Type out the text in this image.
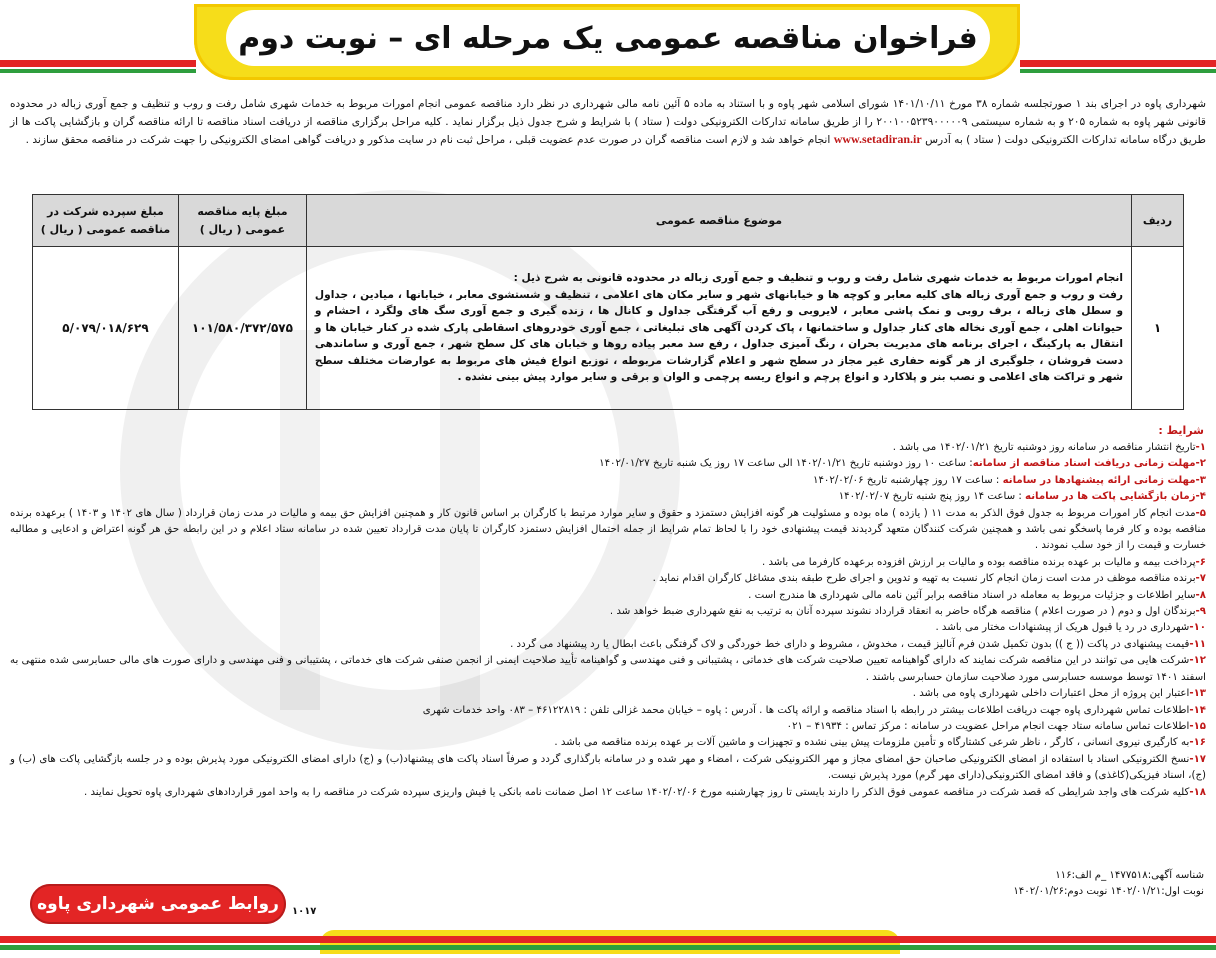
فراخوان مناقصه عمومی یک مرحله ای – نوبت دوم

شهرداری پاوه در اجرای بند ۱ صورتجلسه شماره ۳۸ مورخ ۱۴۰۱/۱۰/۱۱ شورای اسلامی شهر پاوه و با استناد به ماده ۵ آئین نامه مالی شهرداری در نظر دارد مناقصه عمومی انجام امورات مربوط به خدمات شهری شامل رفت و روب و تنظیف و جمع آوری زباله در محدوده قانونی شهر پاوه به شماره ۲۰۵ و به شماره سیستمی ۲۰۰۱۰۰۵۲۳۹۰۰۰۰۰۹ را از طریق سامانه تدارکات الکترونیکی دولت ( ستاد ) با شرایط و شرح جدول ذیل برگزار نماید . کلیه مراحل برگزاری مناقصه از دریافت اسناد مناقصه تا ارائه مناقصه گران و بازگشایی پاکت ها از طریق درگاه سامانه تدارکات الکترونیکی دولت ( ستاد ) به آدرس www.setadiran.ir انجام خواهد شد و لازم است مناقصه گران در صورت عدم عضویت قبلی ، مراحل ثبت نام در سایت مذکور و دریافت گواهی امضای الکترونیکی را جهت شرکت در مناقصه محقق سازند .

ردیف	موضوع مناقصه عمومی	مبلغ پایه مناقصه عمومی ( ریال )	مبلغ سپرده شرکت در مناقصه عمومی ( ریال )
۱	انجام امورات مربوط به خدمات شهری شامل رفت و روب و تنظیف و جمع آوری زباله در محدوده قانونی به شرح ذیل :
رفت و روب و جمع آوری زباله های کلیه معابر و کوچه ها و خیابانهای شهر و سایر مکان های اعلامی ، تنظیف و شستشوی معابر ، خیابانها ، میادین ، جداول و سطل های زباله ، برف روبی و نمک پاشی معابر ، لایروبی و رفع آب گرفتگی جداول و کانال ها ، زنده گیری و جمع آوری سگ های ولگرد ، احشام و حیوانات اهلی ، جمع آوری نخاله های کنار جداول و ساختمانها ، پاک کردن آگهی های تبلیغاتی ، جمع آوری خودروهای اسقاطی پارک شده در کنار خیابان ها و انتقال به پارکینگ ، اجرای برنامه های مدیریت بحران ، رنگ آمیزی جداول ، رفع سد معبر پیاده روها و خیابان های کل سطح شهر ، جمع آوری و ساماندهی دست فروشان ، جلوگیری از هر گونه حفاری غیر مجاز در سطح شهر و اعلام گزارشات مربوطه ، توزیع انواع فیش های مربوط به عوارضات مختلف سطح شهر و تراکت های اعلامی و نصب بنر و پلاکارد و انواع پرچم و انواع ریسه پرچمی و الوان و برقی و سایر موارد پیش بینی نشده .	۱۰۱/۵۸۰/۳۷۲/۵۷۵	۵/۰۷۹/۰۱۸/۶۲۹
شرایط :
۱-تاریخ انتشار مناقصه در سامانه روز دوشنبه تاریخ ۱۴۰۲/۰۱/۲۱ می باشد .
۲-مهلت زمانی دریافت اسناد مناقصه از سامانه: ساعت ۱۰ روز دوشنبه تاریخ ۱۴۰۲/۰۱/۲۱ الی ساعت ۱۷ روز یک شنبه تاریخ ۱۴۰۲/۰۱/۲۷
۳-مهلت زمانی ارائه پیشنهادها در سامانه : ساعت ۱۷ روز چهارشنبه تاریخ ۱۴۰۲/۰۲/۰۶
۴-زمان بازگشایی پاکت ها در سامانه : ساعت ۱۴ روز پنج شنبه تاریخ ۱۴۰۲/۰۲/۰۷
۵-مدت انجام کار امورات مربوط به جدول فوق الذکر به مدت ۱۱ ( یازده ) ماه بوده و مسئولیت هر گونه افزایش دستمزد و حقوق و سایر موارد مرتبط با کارگران بر اساس قانون کار و همچنین افزایش حق بیمه و مالیات در مدت زمان قرارداد ( سال های ۱۴۰۲ و ۱۴۰۳ ) برعهده برنده مناقصه بوده و کار فرما پاسخگو نمی باشد و همچنین شرکت کنندگان متعهد گردیدند قیمت پیشنهادی خود را با لحاظ تمام شرایط از جمله احتمال افزایش دستمزد کارگران تا پایان مدت قرارداد تعیین شده در سامانه ستاد اعلام و در این رابطه حق هر گونه اعتراض و ادعایی و مطالبه خسارت و قیمت را از خود سلب نمودند .
۶-پرداخت بیمه و مالیات بر عهده برنده مناقصه بوده و مالیات بر ارزش افزوده برعهده کارفرما می باشد .
۷-برنده مناقصه موظف در مدت است زمان انجام کار نسبت به تهیه و تدوین و اجرای طرح طبقه بندی مشاغل کارگران اقدام نماید .
۸-سایر اطلاعات و جزئیات مربوط به معامله در اسناد مناقصه برابر آئین نامه مالی شهرداری ها مندرج است .
۹-برندگان اول و دوم ( در صورت اعلام ) مناقصه هرگاه حاضر به انعقاد قرارداد نشوند سپرده آنان به ترتیب به نفع شهرداری ضبط خواهد شد .
۱۰-شهرداری در رد یا قبول هریک از پیشنهادات مختار می باشد .
۱۱-قیمت پیشنهادی در پاکت (( ج )) بدون تکمیل شدن فرم آنالیز قیمت ، مخدوش ، مشروط و دارای خط خوردگی و لاک گرفتگی باعث ابطال یا رد پیشنهاد می گردد .
۱۲-شرکت هایی می توانند در این مناقصه شرکت نمایند که دارای گواهینامه تعیین صلاحیت شرکت های خدماتی ، پشتیبانی و فنی مهندسی و گواهینامه تأیید صلاحیت ایمنی از انجمن صنفی شرکت های خدماتی ، پشتیبانی و فنی مهندسی و دارای صورت های مالی حسابرسی شده منتهی به اسفند ۱۴۰۱ توسط موسسه حسابرسی مورد صلاحیت سازمان حسابرسی باشند .
۱۳-اعتبار این پروژه از محل اعتبارات داخلی شهرداری پاوه می باشد .
۱۴-اطلاعات تماس شهرداری پاوه جهت دریافت اطلاعات بیشتر در رابطه با اسناد مناقصه و ارائه پاکت ها . آدرس : پاوه – خیابان محمد غزالی تلفن : ۴۶۱۲۲۸۱۹ – ۰۸۳ واحد خدمات شهری
۱۵-اطلاعات تماس سامانه ستاد جهت انجام مراحل عضویت در سامانه : مرکز تماس : ۴۱۹۳۴ – ۰۲۱
۱۶-به کارگیری نیروی انسانی ، کارگر ، ناظر شرعی کشتارگاه و تأمین ملزومات پیش بینی نشده و تجهیزات و ماشین آلات بر عهده برنده مناقصه می باشد .
۱۷-نسخ الکترونیکی اسناد با استفاده از امضای الکترونیکی صاحبان حق امضای مجاز و مهر الکترونیکی شرکت ، امضاء و مهر شده و در سامانه بارگذاری گردد و صرفاً اسناد پاکت های پیشنهاد(ب) و (ج) دارای امضای الکترونیکی مورد پذیرش بوده و در جلسه بازگشایی پاکت های (ب) و (ج)، اسناد فیزیکی(کاغذی) و فاقد امضای الکترونیکی(دارای مهر گرم) مورد پذیرش نیست.
۱۸-کلیه شرکت های واجد شرایطی که قصد شرکت در مناقصه عمومی فوق الذکر را دارند بایستی تا روز چهارشنبه مورخ ۱۴۰۲/۰۲/۰۶ ساعت ۱۲ اصل ضمانت نامه بانکی یا فیش واریزی سپرده شرکت در مناقصه را به واحد امور قراردادهای شهرداری پاوه تحویل نمایند .
شناسه آگهی:۱۴۷۷۵۱۸ _م الف:۱۱۶
نوبت اول:۱۴۰۲/۰۱/۲۱ نوبت دوم:۱۴۰۲/۰۱/۲۶
روابط عمومی شهرداری پاوه	۱۰۱۷
